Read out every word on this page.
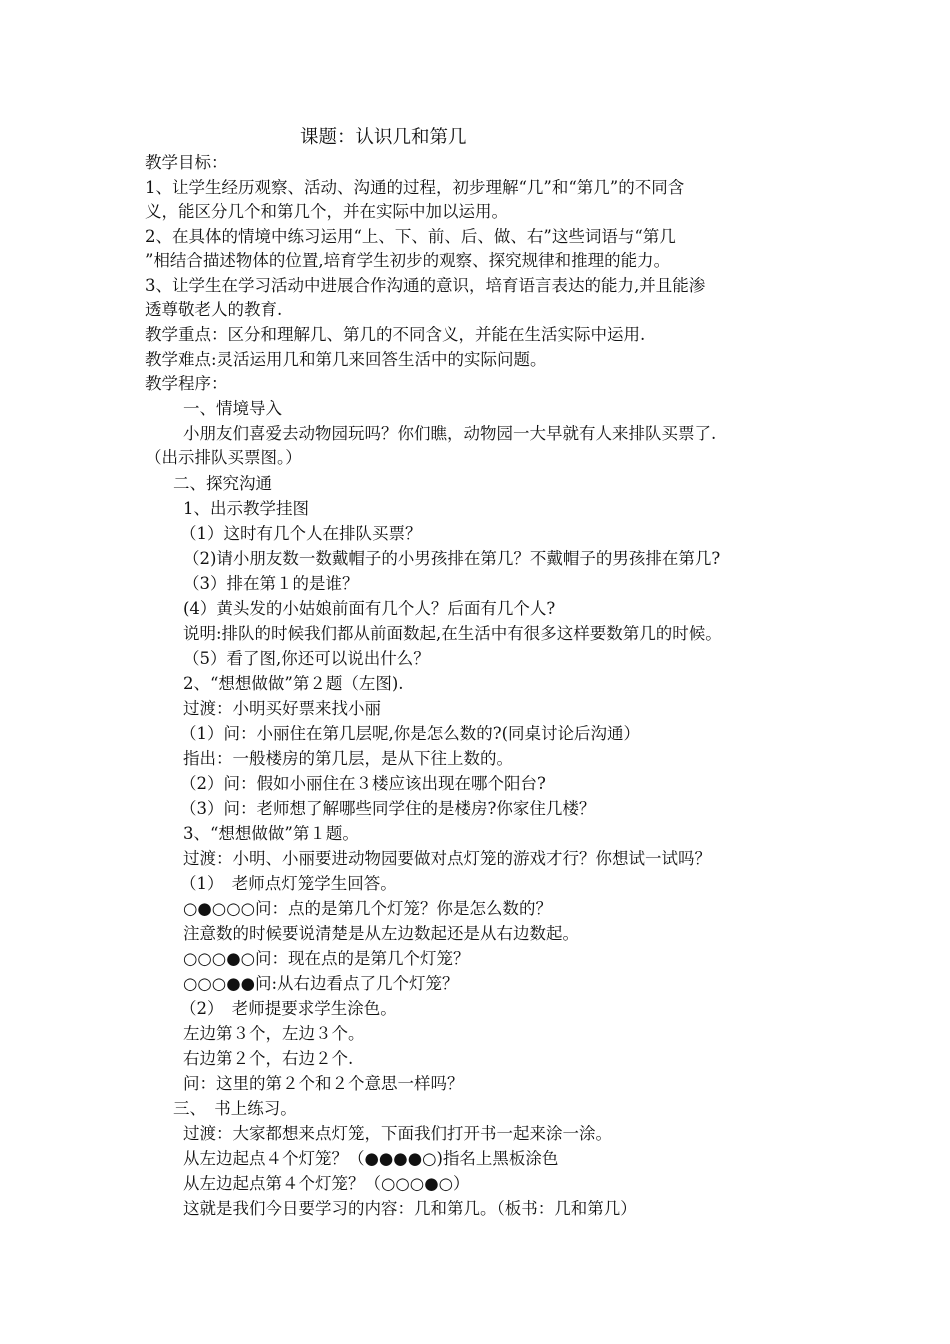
课题：认识几和第几
教学目标：
1、让学生经历观察、活动、沟通的过程，初步理解“几”和“第几”的不同含
义，能区分几个和第几个，并在实际中加以运用。
2、在具体的情境中练习运用“上、下、前、后、做、右”这些词语与“第几
”相结合描述物体的位置,培育学生初步的观察、探究规律和推理的能力。
3、让学生在学习活动中进展合作沟通的意识，培育语言表达的能力,并且能渗
透尊敬老人的教育.
教学重点：区分和理解几、第几的不同含义，并能在生活实际中运用.
教学难点:灵活运用几和第几来回答生活中的实际问题。
教学程序：
一、情境导入
小朋友们喜爱去动物园玩吗？你们瞧，动物园一大早就有人来排队买票了.
（出示排队买票图。）
二、探究沟通
1、出示教学挂图
（1）这时有几个人在排队买票？
（2)请小朋友数一数戴帽子的小男孩排在第几？不戴帽子的男孩排在第几?
（3）排在第１的是谁？
(4）黄头发的小姑娘前面有几个人？后面有几个人?
说明:排队的时候我们都从前面数起,在生活中有很多这样要数第几的时候。
（5）看了图,你还可以说出什么？
2、“想想做做”第２题（左图).
过渡：小明买好票来找小丽
（1）问：小丽住在第几层呢,你是怎么数的?(同桌讨论后沟通）
指出：一般楼房的第几层，是从下往上数的。
（2）问：假如小丽住在３楼应该出现在哪个阳台?
（3）问：老师想了解哪些同学住的是楼房?你家住几楼？
3、“想想做做”第１题。
过渡：小明、小丽要进动物园要做对点灯笼的游戏才行？你想试一试吗？
（1）　老师点灯笼学生回答。
○●○○○问：点的是第几个灯笼？你是怎么数的？
注意数的时候要说清楚是从左边数起还是从右边数起。
○○○●○问：现在点的是第几个灯笼？
○○○●●问:从右边看点了几个灯笼？
（2）　老师提要求学生涂色。
左边第３个，左边３个。
右边第２个，右边２个.
问：这里的第２个和２个意思一样吗？
三、　书上练习。
过渡：大家都想来点灯笼，下面我们打开书一起来涂一涂。
从左边起点４个灯笼？（●●●●○)指名上黑板涂色
从左边起点第４个灯笼？（○○○●○）
这就是我们今日要学习的内容：几和第几。（板书：几和第几）
